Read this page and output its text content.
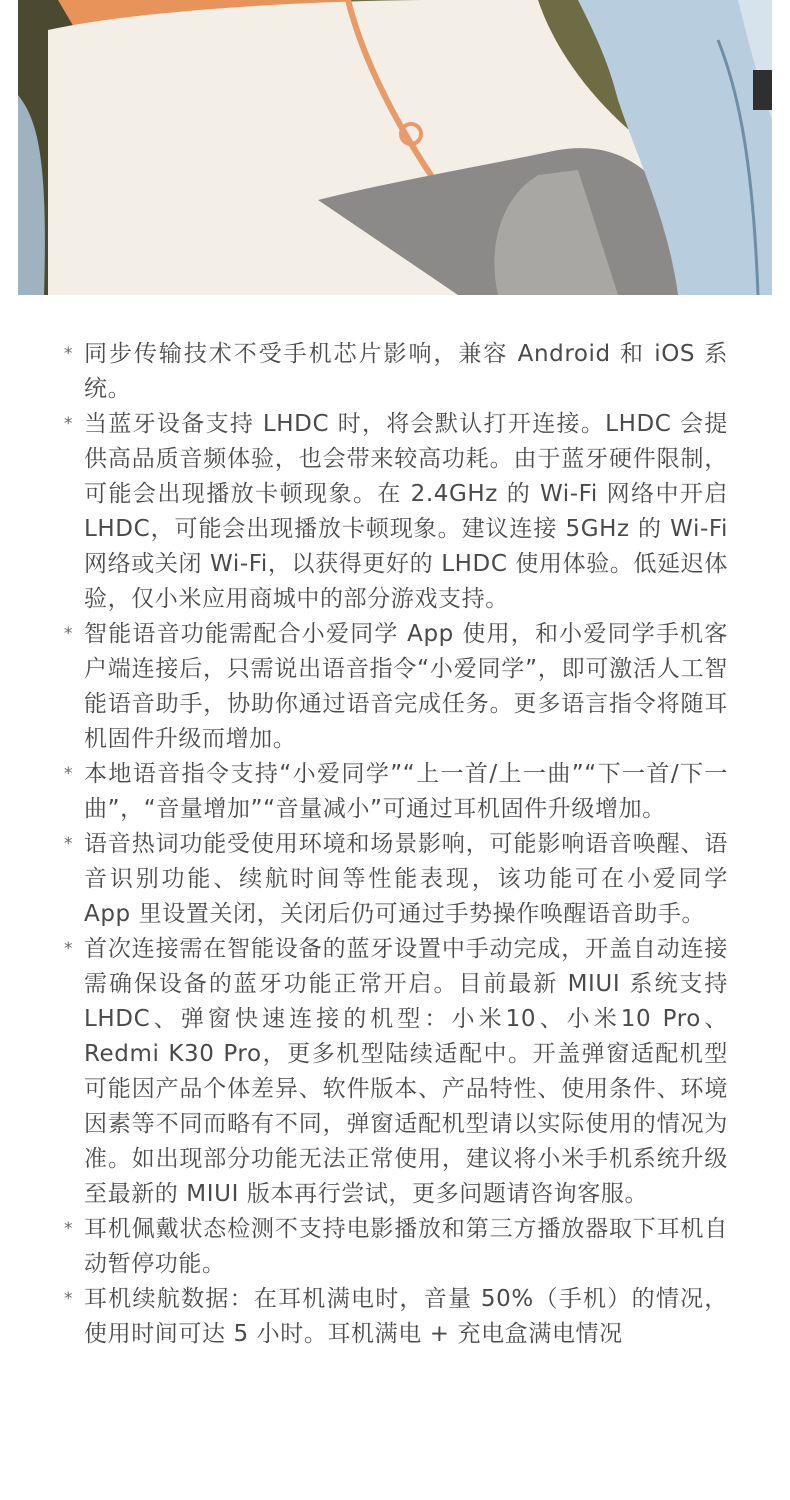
* 同步传输技术不受手机芯片影响，兼容 Android 和 iOS 系统。
* 当蓝牙设备支持 LHDC 时，将会默认打开连接。LHDC 会提供高品质音频体验，也会带来较高功耗。由于蓝牙硬件限制，可能会出现播放卡顿现象。在 2.4GHz 的 Wi-Fi 网络中开启 LHDC，可能会出现播放卡顿现象。建议连接 5GHz 的 Wi-Fi 网络或关闭 Wi-Fi，以获得更好的 LHDC 使用体验。低延迟体验，仅小米应用商城中的部分游戏支持。
* 智能语音功能需配合小爱同学 App 使用，和小爱同学手机客户端连接后，只需说出语音指令“小爱同学”，即可激活人工智能语音助手，协助你通过语音完成任务。更多语言指令将随耳机固件升级而增加。
* 本地语音指令支持“小爱同学”“上一首/上一曲”“下一首/下一曲”，“音量增加”“音量减小”可通过耳机固件升级增加。
* 语音热词功能受使用环境和场景影响，可能影响语音唤醒、语音识别功能、续航时间等性能表现，该功能可在小爱同学 App 里设置关闭，关闭后仍可通过手势操作唤醒语音助手。
* 首次连接需在智能设备的蓝牙设置中手动完成，开盖自动连接需确保设备的蓝牙功能正常开启。目前最新 MIUI 系统支持 LHDC、弹窗快速连接的机型：小米10、小米10 Pro、Redmi K30 Pro，更多机型陆续适配中。开盖弹窗适配机型可能因产品个体差异、软件版本、产品特性、使用条件、环境因素等不同而略有不同，弹窗适配机型请以实际使用的情况为准。如出现部分功能无法正常使用，建议将小米手机系统升级至最新的 MIUI 版本再行尝试，更多问题请咨询客服。
* 耳机佩戴状态检测不支持电影播放和第三方播放器取下耳机自动暂停功能。
* 耳机续航数据：在耳机满电时，音量 50%（手机）的情况，使用时间可达 5 小时。耳机满电 + 充电盒满电情况
